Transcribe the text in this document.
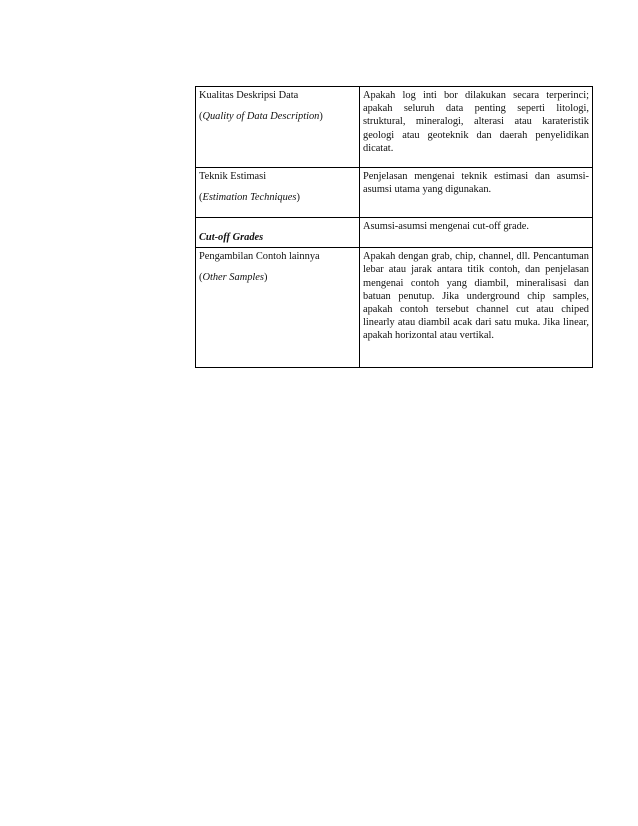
Kualitas Deskripsi Data
(Quality of Data Description)	Apakah log inti bor dilakukan secara terperinci; apakah seluruh data penting seperti litologi, struktural, mineralogi, alterasi atau karateristik geologi atau geoteknik dan daerah penyelidikan dicatat.

Teknik Estimasi
(Estimation Techniques)	Penjelasan mengenai teknik estimasi dan asumsi-asumsi utama yang digunakan.

Cut-off Grades	Asumsi-asumsi mengenai cut-off grade.

Pengambilan Contoh lainnya
(Other Samples)	Apakah dengan grab, chip, channel, dll. Pencantuman lebar atau jarak antara titik contoh, dan penjelasan mengenai contoh yang diambil, mineralisasi dan batuan penutup. Jika underground chip samples, apakah contoh tersebut channel cut atau chiped linearly atau diambil acak dari satu muka. Jika linear, apakah horizontal atau vertikal.
